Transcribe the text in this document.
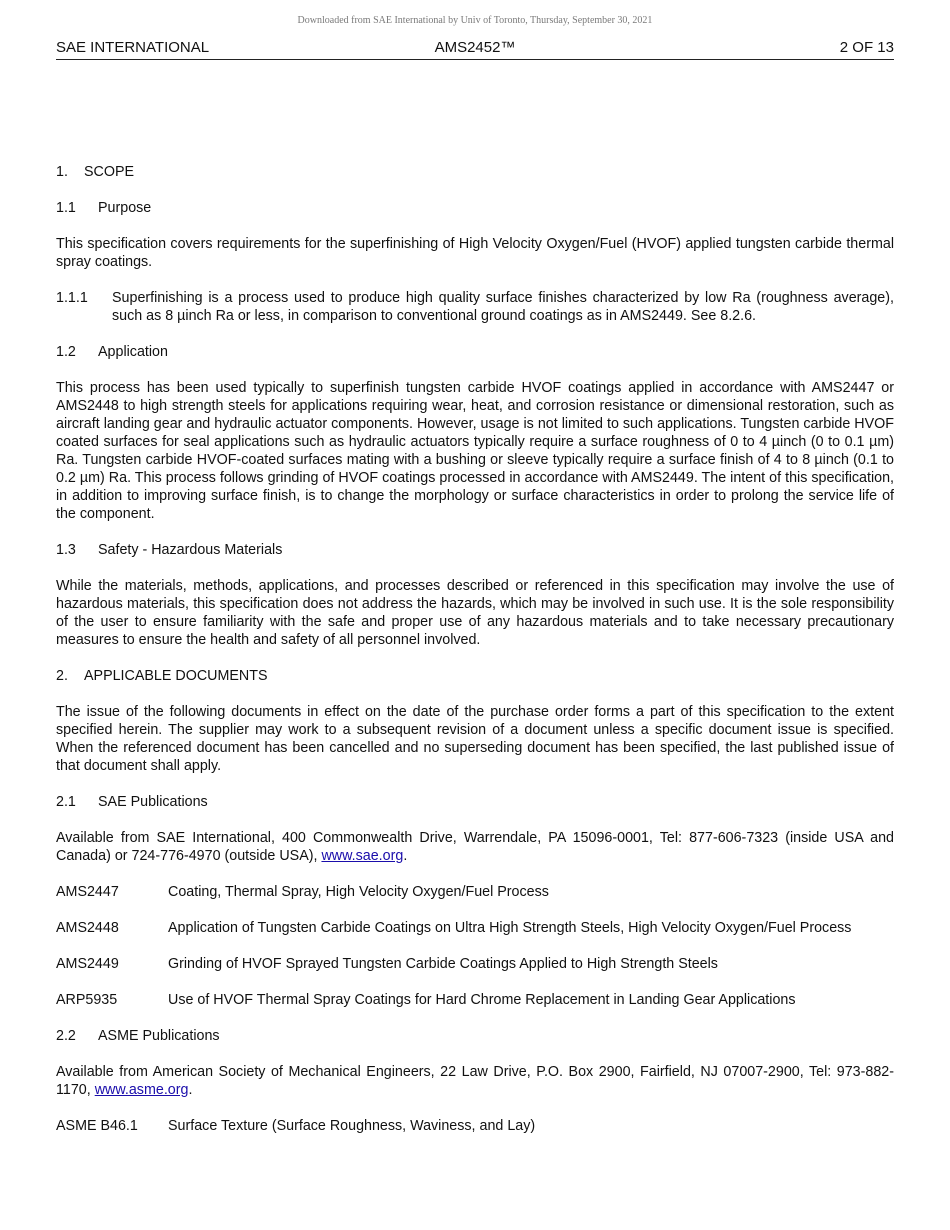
Downloaded from SAE International by Univ of Toronto, Thursday, September 30, 2021
SAE INTERNATIONAL	AMS2452™	2 OF 13
1. SCOPE
1.1 Purpose

This specification covers requirements for the superfinishing of High Velocity Oxygen/Fuel (HVOF) applied tungsten carbide thermal spray coatings.

1.1.1	Superfinishing is a process used to produce high quality surface finishes characterized by low Ra (roughness average), such as 8 µinch Ra or less, in comparison to conventional ground coatings as in AMS2449. See 8.2.6.
1.2 Application

This process has been used typically to superfinish tungsten carbide HVOF coatings applied in accordance with AMS2447 or AMS2448 to high strength steels for applications requiring wear, heat, and corrosion resistance or dimensional restoration, such as aircraft landing gear and hydraulic actuator components. However, usage is not limited to such applications. Tungsten carbide HVOF coated surfaces for seal applications such as hydraulic actuators typically require a surface roughness of 0 to 4 µinch (0 to 0.1 µm) Ra. Tungsten carbide HVOF-coated surfaces mating with a bushing or sleeve typically require a surface finish of 4 to 8 µinch (0.1 to 0.2 µm) Ra. This process follows grinding of HVOF coatings processed in accordance with AMS2449. The intent of this specification, in addition to improving surface finish, is to change the morphology or surface characteristics in order to prolong the service life of the component.

1.3 Safety - Hazardous Materials

While the materials, methods, applications, and processes described or referenced in this specification may involve the use of hazardous materials, this specification does not address the hazards, which may be involved in such use. It is the sole responsibility of the user to ensure familiarity with the safe and proper use of any hazardous materials and to take necessary precautionary measures to ensure the health and safety of all personnel involved.

2. APPLICABLE DOCUMENTS

The issue of the following documents in effect on the date of the purchase order forms a part of this specification to the extent specified herein. The supplier may work to a subsequent revision of a document unless a specific document issue is specified. When the referenced document has been cancelled and no superseding document has been specified, the last published issue of that document shall apply.

2.1 SAE Publications

Available from SAE International, 400 Commonwealth Drive, Warrendale, PA 15096-0001, Tel: 877-606-7323 (inside USA and Canada) or 724-776-4970 (outside USA), www.sae.org.

AMS2447	Coating, Thermal Spray, High Velocity Oxygen/Fuel Process
AMS2448	Application of Tungsten Carbide Coatings on Ultra High Strength Steels, High Velocity Oxygen/Fuel Process
AMS2449	Grinding of HVOF Sprayed Tungsten Carbide Coatings Applied to High Strength Steels
ARP5935	Use of HVOF Thermal Spray Coatings for Hard Chrome Replacement in Landing Gear Applications
2.2 ASME Publications

Available from American Society of Mechanical Engineers, 22 Law Drive, P.O. Box 2900, Fairfield, NJ 07007-2900, Tel: 973-882-1170, www.asme.org.

ASME B46.1	Surface Texture (Surface Roughness, Waviness, and Lay)
